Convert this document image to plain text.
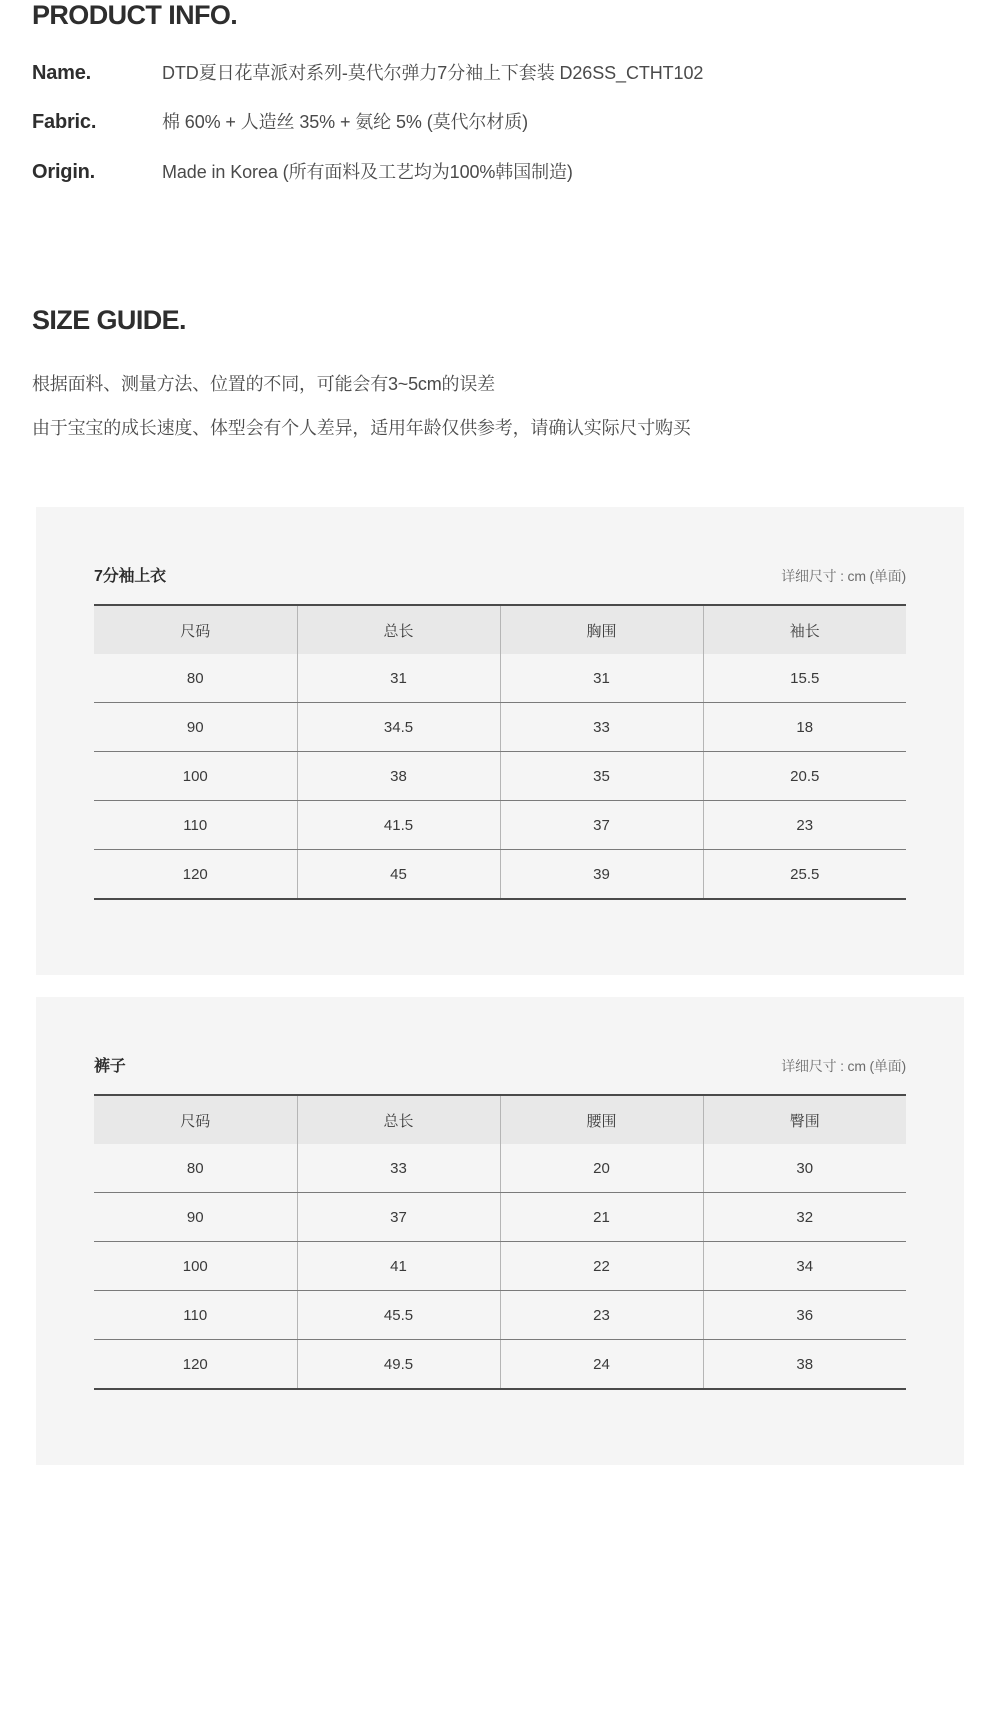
PRODUCT INFO.
Name.	DTD夏日花草派对系列-莫代尔弹力7分袖上下套装 D26SS_CTHT102
Fabric.	棉 60% + 人造丝 35% + 氨纶 5% (莫代尔材质)
Origin.	Made in Korea (所有面料及工艺均为100%韩国制造)
SIZE GUIDE.
根据面料、测量方法、位置的不同，可能会有3~5cm的误差
由于宝宝的成长速度、体型会有个人差异，适用年龄仅供参考，请确认实际尺寸购买
7分袖上衣	详细尺寸 : cm (单面)
尺码	总长	胸围	袖长
80	31	31	15.5
90	34.5	33	18
100	38	35	20.5
110	41.5	37	23
120	45	39	25.5
裤子	详细尺寸 : cm (单面)
尺码	总长	腰围	臀围
80	33	20	30
90	37	21	32
100	41	22	34
110	45.5	23	36
120	49.5	24	38
